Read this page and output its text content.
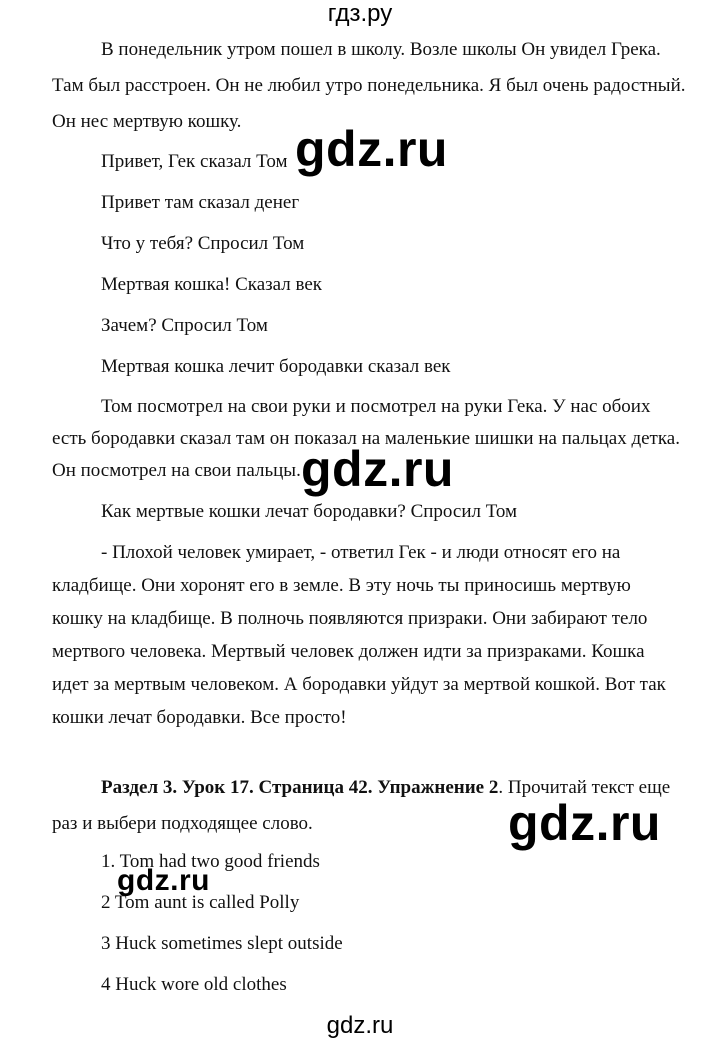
гдз.ру

В понедельник утром пошел в школу. Возле школы Он увидел Грека.

Там был расстроен. Он не любил утро понедельника. Я был очень радостный.

Он нес мертвую кошку.

Привет, Гек сказал Том

Привет там сказал денег

Что у тебя? Спросил Том

Мертвая кошка! Сказал век

Зачем? Спросил Том

Мертвая кошка лечит бородавки сказал век

Том посмотрел на свои руки и посмотрел на руки Гека. У нас обоих

есть бородавки сказал там он показал на маленькие шишки на пальцах детка.

Он посмотрел на свои пальцы.

Как мертвые кошки лечат бородавки? Спросил Том

- Плохой человек умирает, - ответил Гек - и люди относят его на

кладбище. Они хоронят его в земле. В эту ночь ты приносишь мертвую

кошку на кладбище. В полночь появляются призраки. Они забирают тело

мертвого человека. Мертвый человек должен идти за призраками. Кошка

идет за мертвым человеком. А бородавки уйдут за мертвой кошкой. Вот так

кошки лечат бородавки. Все просто!

Раздел 3. Урок 17. Страница 42. Упражнение 2. Прочитай текст еще

раз и выбери подходящее слово.

1. Tom had two good friends

2 Tom aunt is called Polly

3 Huck sometimes slept outside

4 Huck wore old clothes

gdz.ru
gdz.ru
gdz.ru
gdz.ru
gdz.ru
